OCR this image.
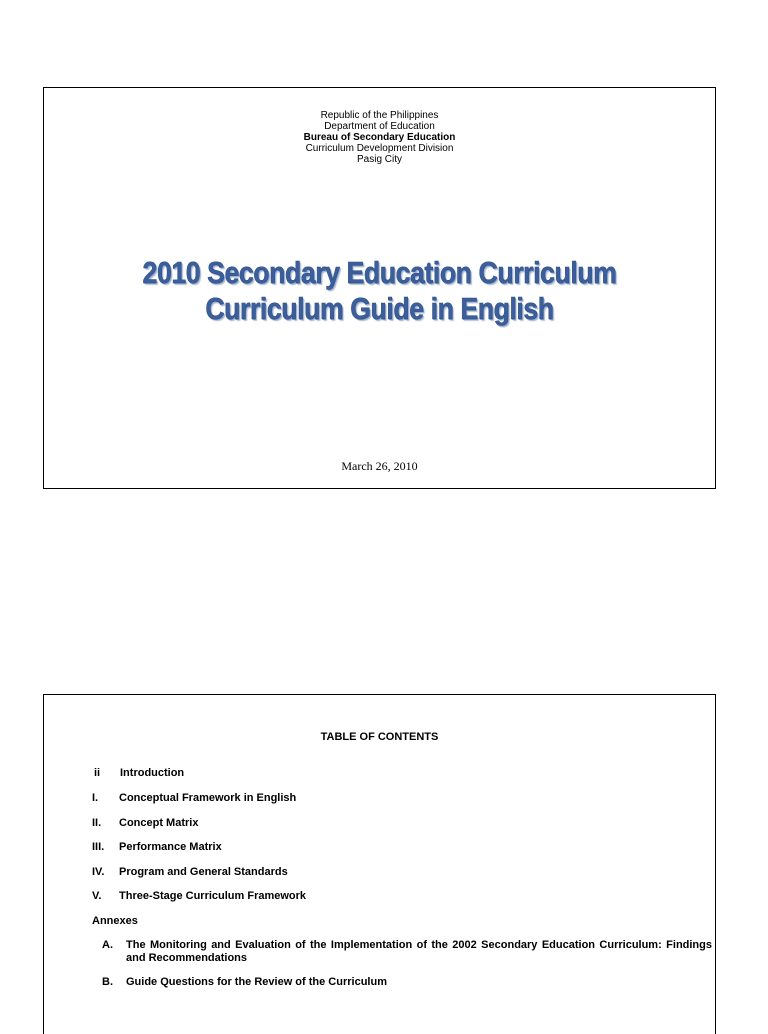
Republic of the Philippines
Department of Education
Bureau of Secondary Education
Curriculum Development Division
Pasig City
2010 Secondary Education Curriculum
Curriculum Guide in English
March 26, 2010
TABLE OF CONTENTS
ii Introduction
I. Conceptual Framework in English
II. Concept Matrix
III. Performance Matrix
IV. Program and General Standards
V. Three-Stage Curriculum Framework
Annexes
A. The Monitoring and Evaluation of the Implementation of the 2002 Secondary Education Curriculum: Findings and Recommendations
B. Guide Questions for the Review of the Curriculum
